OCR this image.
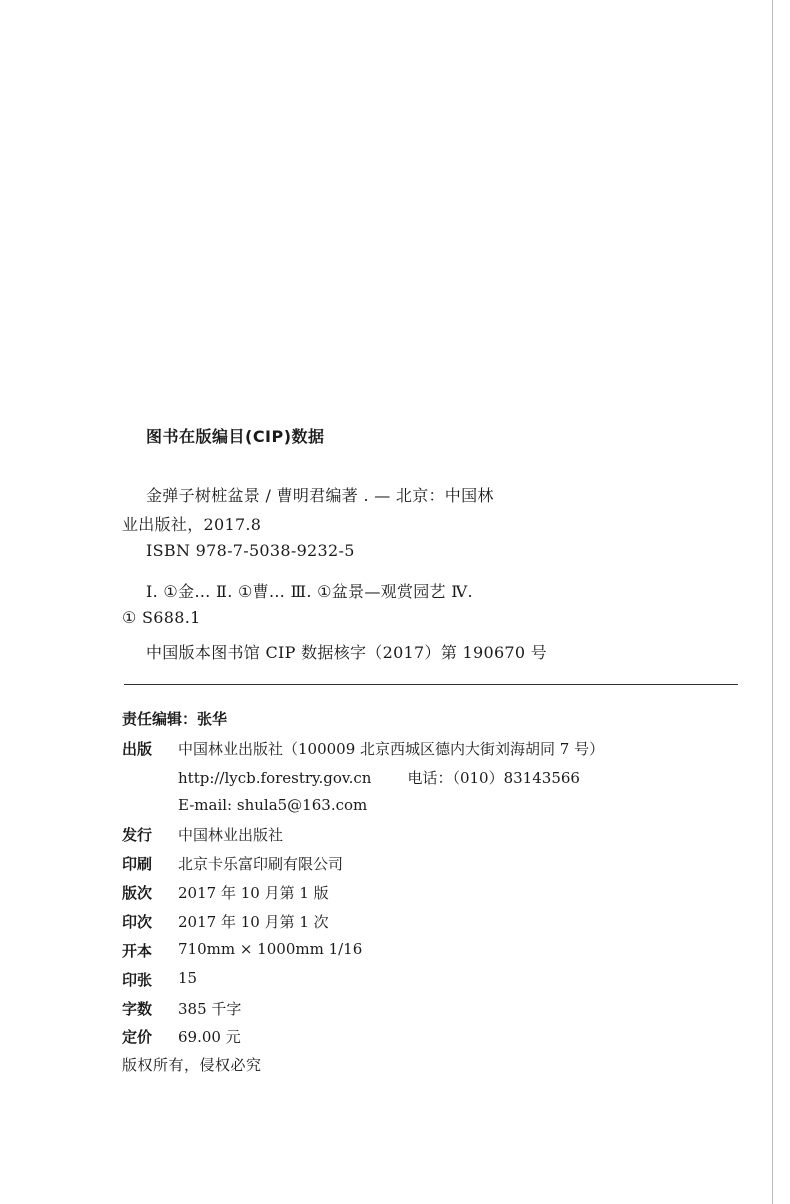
图书在版编目(CIP)数据
金弹子树桩盆景 / 曹明君编著 . — 北京：中国林
业出版社，2017.8
ISBN 978-7-5038-9232-5
Ⅰ. ①金… Ⅱ. ①曹… Ⅲ. ①盆景—观赏园艺 Ⅳ.
① S688.1
中国版本图书馆 CIP 数据核字（2017）第 190670 号
责任编辑：张华
出版 中国林业出版社（100009 北京西城区德内大街刘海胡同 7 号）
http://lycb.forestry.gov.cn 电话：（010）83143566
E-mail: shula5@163.com
发行 中国林业出版社
印刷 北京卡乐富印刷有限公司
版次 2017 年 10 月第 1 版
印次 2017 年 10 月第 1 次
开本 710mm × 1000mm 1/16
印张 15
字数 385 千字
定价 69.00 元
版权所有，侵权必究
